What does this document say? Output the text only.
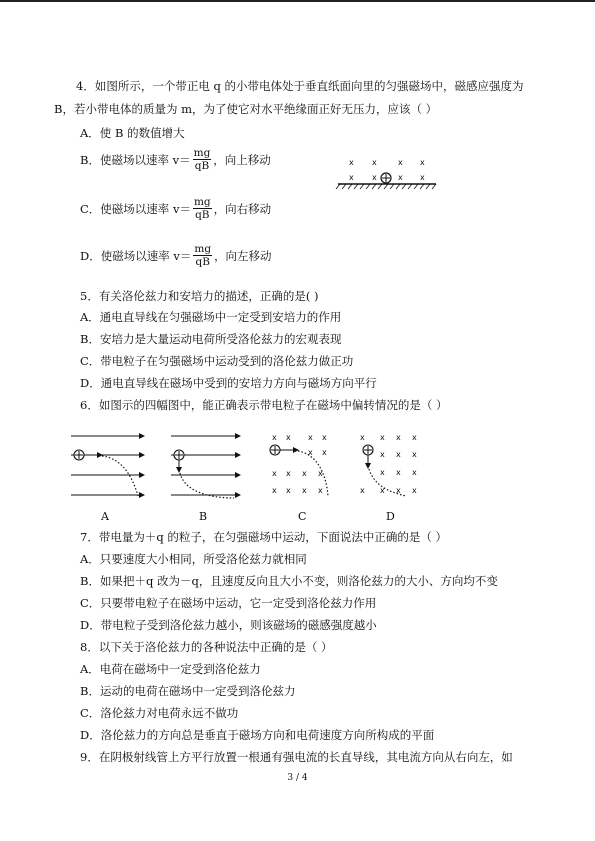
4．如图所示，一个带正电 q 的小带电体处于垂直纸面向里的匀强磁场中，磁感应强度为
B，若小带电体的质量为 m，为了使它对水平绝缘面正好无压力，应该（ ）
A．使 B 的数值增大
B．使磁场以速率 $v= \frac{mg}{qB}$ ，向上移动
C．使磁场以速率 $v= \frac{mg}{qB}$ ，向右移动
D．使磁场以速率 $v= \frac{mg}{qB}$ ，向左移动
x x	x x
x x	x x
5．有关洛伦兹力和安培力的描述，正确的是( )
A．通电直导线在匀强磁场中一定受到安培力的作用
B．安培力是大量运动电荷所受洛伦兹力的宏观表现
C．带电粒子在匀强磁场中运动受到的洛伦兹力做正功
D．通电直导线在磁场中受到的安培力方向与磁场方向平行
6．如图示的四幅图中，能正确表示带电粒子在磁场中偏转情况的是（ ）
x x x x
x x
x x x x
x x x x
x x x x
x x x
x x x
x x x x
A	B	C	D
7．带电量为＋q 的粒子，在匀强磁场中运动，下面说法中正确的是（ ）
A．只要速度大小相同，所受洛伦兹力就相同
B．如果把＋q 改为－q，且速度反向且大小不变，则洛伦兹力的大小、方向均不变
C．只要带电粒子在磁场中运动，它一定受到洛伦兹力作用
D．带电粒子受到洛伦兹力越小，则该磁场的磁感强度越小
8．以下关于洛伦兹力的各种说法中正确的是（ ）
A．电荷在磁场中一定受到洛伦兹力
B．运动的电荷在磁场中一定受到洛伦兹力
C．洛伦兹力对电荷永远不做功
D．洛伦兹力的方向总是垂直于磁场方向和电荷速度方向所构成的平面
9．在阴极射线管上方平行放置一根通有强电流的长直导线，其电流方向从右向左，如
3 / 4
